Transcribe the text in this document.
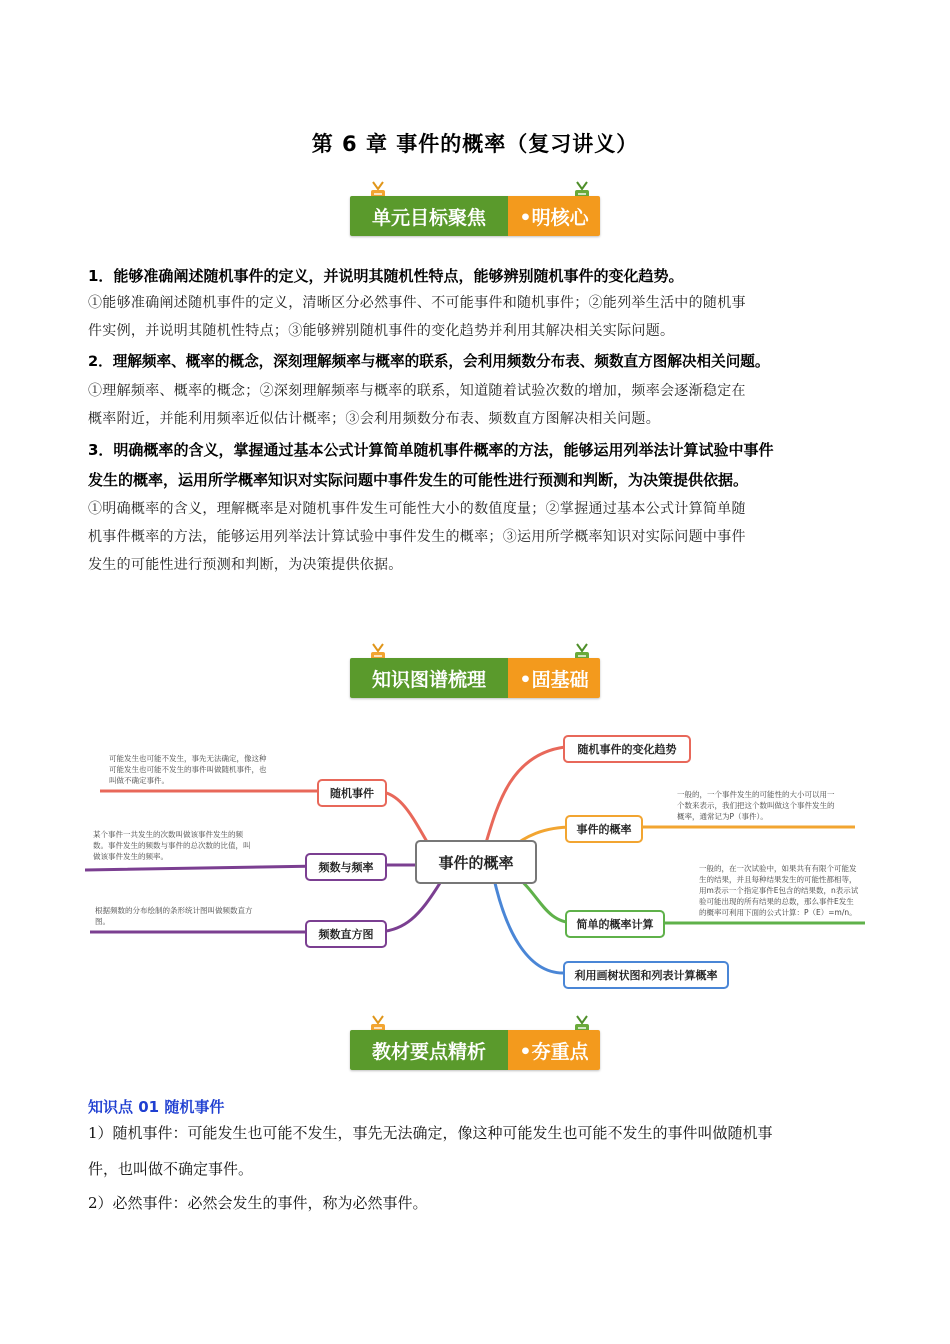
第 6 章 事件的概率（复习讲义）
单元目标聚焦	•明核心
1．能够准确阐述随机事件的定义，并说明其随机性特点，能够辨别随机事件的变化趋势。
①能够准确阐述随机事件的定义，清晰区分必然事件、不可能事件和随机事件；②能列举生活中的随机事
件实例，并说明其随机性特点；③能够辨别随机事件的变化趋势并利用其解决相关实际问题。
2．理解频率、概率的概念，深刻理解频率与概率的联系，会利用频数分布表、频数直方图解决相关问题。
①理解频率、概率的概念；②深刻理解频率与概率的联系，知道随着试验次数的增加，频率会逐渐稳定在
概率附近，并能利用频率近似估计概率；③会利用频数分布表、频数直方图解决相关问题。
3．明确概率的含义，掌握通过基本公式计算简单随机事件概率的方法，能够运用列举法计算试验中事件
发生的概率，运用所学概率知识对实际问题中事件发生的可能性进行预测和判断，为决策提供依据。
①明确概率的含义，理解概率是对随机事件发生可能性大小的数值度量；②掌握通过基本公式计算简单随
机事件概率的方法，能够运用列举法计算试验中事件发生的概率；③运用所学概率知识对实际问题中事件
发生的可能性进行预测和判断，为决策提供依据。
知识图谱梳理	•固基础
事件的概率
随机事件
频数与频率
频数直方图
随机事件的变化趋势
事件的概率
简单的概率计算
利用画树状图和列表计算概率
可能发生也可能不发生，事先无法确定，像这种
可能发生也可能不发生的事件叫做随机事件，也
叫做不确定事件。
某个事件一共发生的次数叫做该事件发生的频
数。事件发生的频数与事件的总次数的比值，叫
做该事件发生的频率。
根据频数的分布绘制的条形统计图叫做频数直方
图。
一般的，一个事件发生的可能性的大小可以用一
个数来表示，我们把这个数叫做这个事件发生的
概率，通常记为P（事件）。
一般的，在一次试验中，如果共有有限个可能发
生的结果，并且每种结果发生的可能性都相等，
用m表示一个指定事件E包含的结果数，n表示试
验可能出现的所有结果的总数，那么事件E发生
的概率可利用下面的公式计算：P（E）=m/n。
教材要点精析	•夯重点
知识点 01 随机事件
1）随机事件：可能发生也可能不发生，事先无法确定，像这种可能发生也可能不发生的事件叫做随机事
件，也叫做不确定事件。
2）必然事件：必然会发生的事件，称为必然事件。
